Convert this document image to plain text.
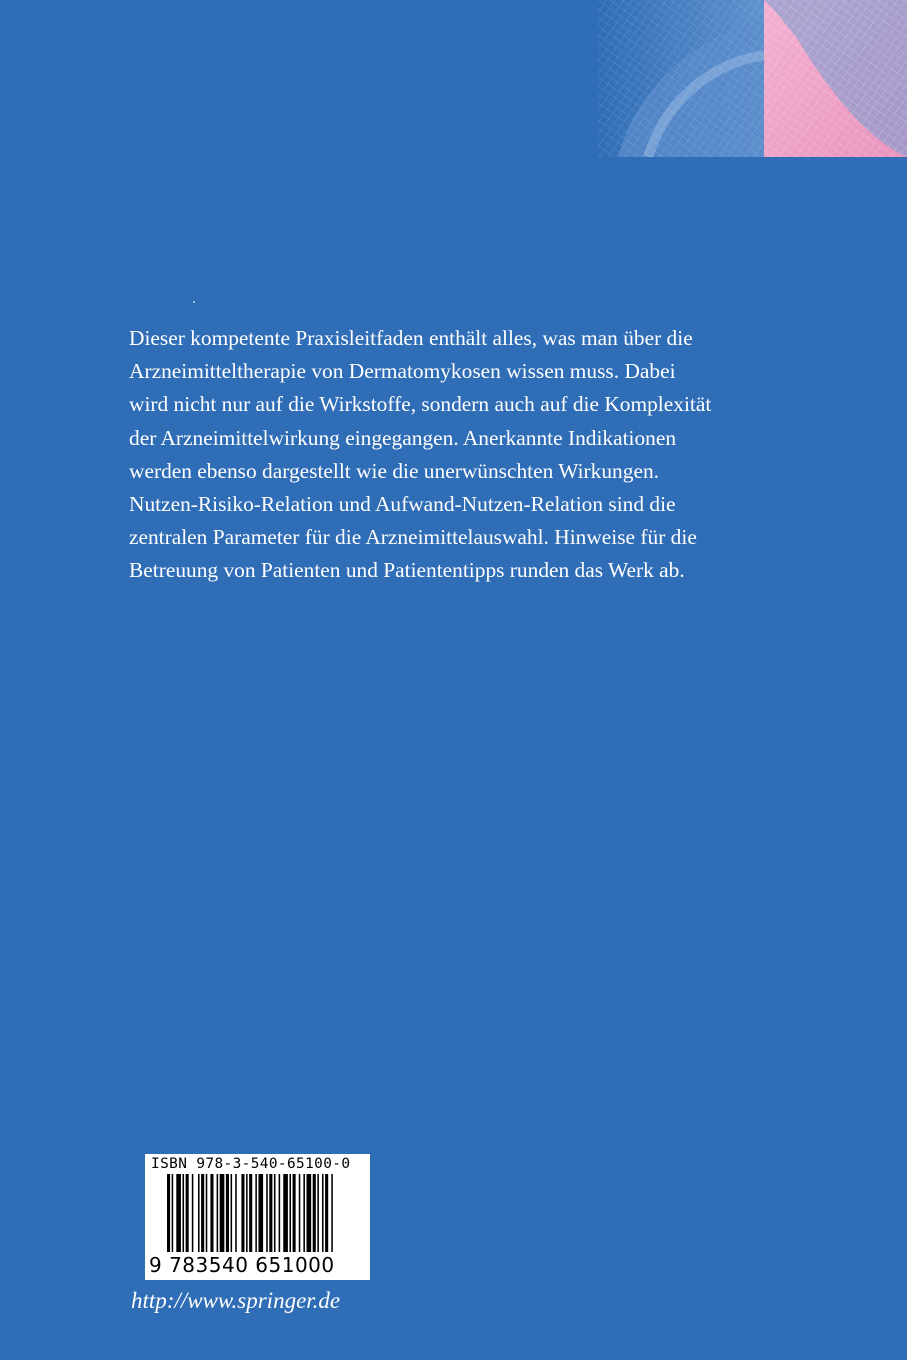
Dieser kompetente Praxisleitfaden enthält alles, was man über die
Arzneimitteltherapie von Dermatomykosen wissen muss. Dabei
wird nicht nur auf die Wirkstoffe, sondern auch auf die Komplexität
der Arzneimittelwirkung eingegangen. Anerkannte Indikationen
werden ebenso dargestellt wie die unerwünschten Wirkungen.
Nutzen-Risiko-Relation und Aufwand-Nutzen-Relation sind die
zentralen Parameter für die Arzneimittelauswahl. Hinweise für die
Betreuung von Patienten und Patiententipps runden das Werk ab.
ISBN 978-3-540-65100-0
9 783540 651000
http://www.springer.de
